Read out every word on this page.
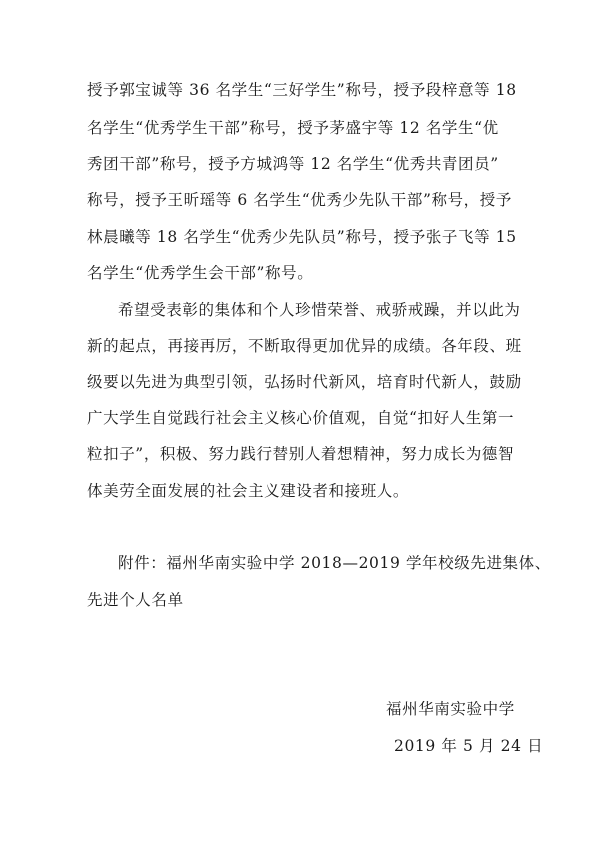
授予郭宝诚等 36 名学生“三好学生”称号，授予段梓意等 18
名学生“优秀学生干部”称号，授予茅盛宇等 12 名学生“优
秀团干部”称号，授予方城鸿等 12 名学生“优秀共青团员”
称号，授予王昕瑶等 6 名学生“优秀少先队干部”称号，授予
林晨曦等 18 名学生“优秀少先队员”称号，授予张子飞等 15
名学生“优秀学生会干部”称号。
希望受表彰的集体和个人珍惜荣誉、戒骄戒躁，并以此为
新的起点，再接再厉，不断取得更加优异的成绩。各年段、班
级要以先进为典型引领，弘扬时代新风，培育时代新人，鼓励
广大学生自觉践行社会主义核心价值观，自觉“扣好人生第一
粒扣子”，积极、努力践行替别人着想精神，努力成长为德智
体美劳全面发展的社会主义建设者和接班人。
附件：福州华南实验中学 2018—2019 学年校级先进集体、
先进个人名单
福州华南实验中学
2019 年 5 月 24 日
